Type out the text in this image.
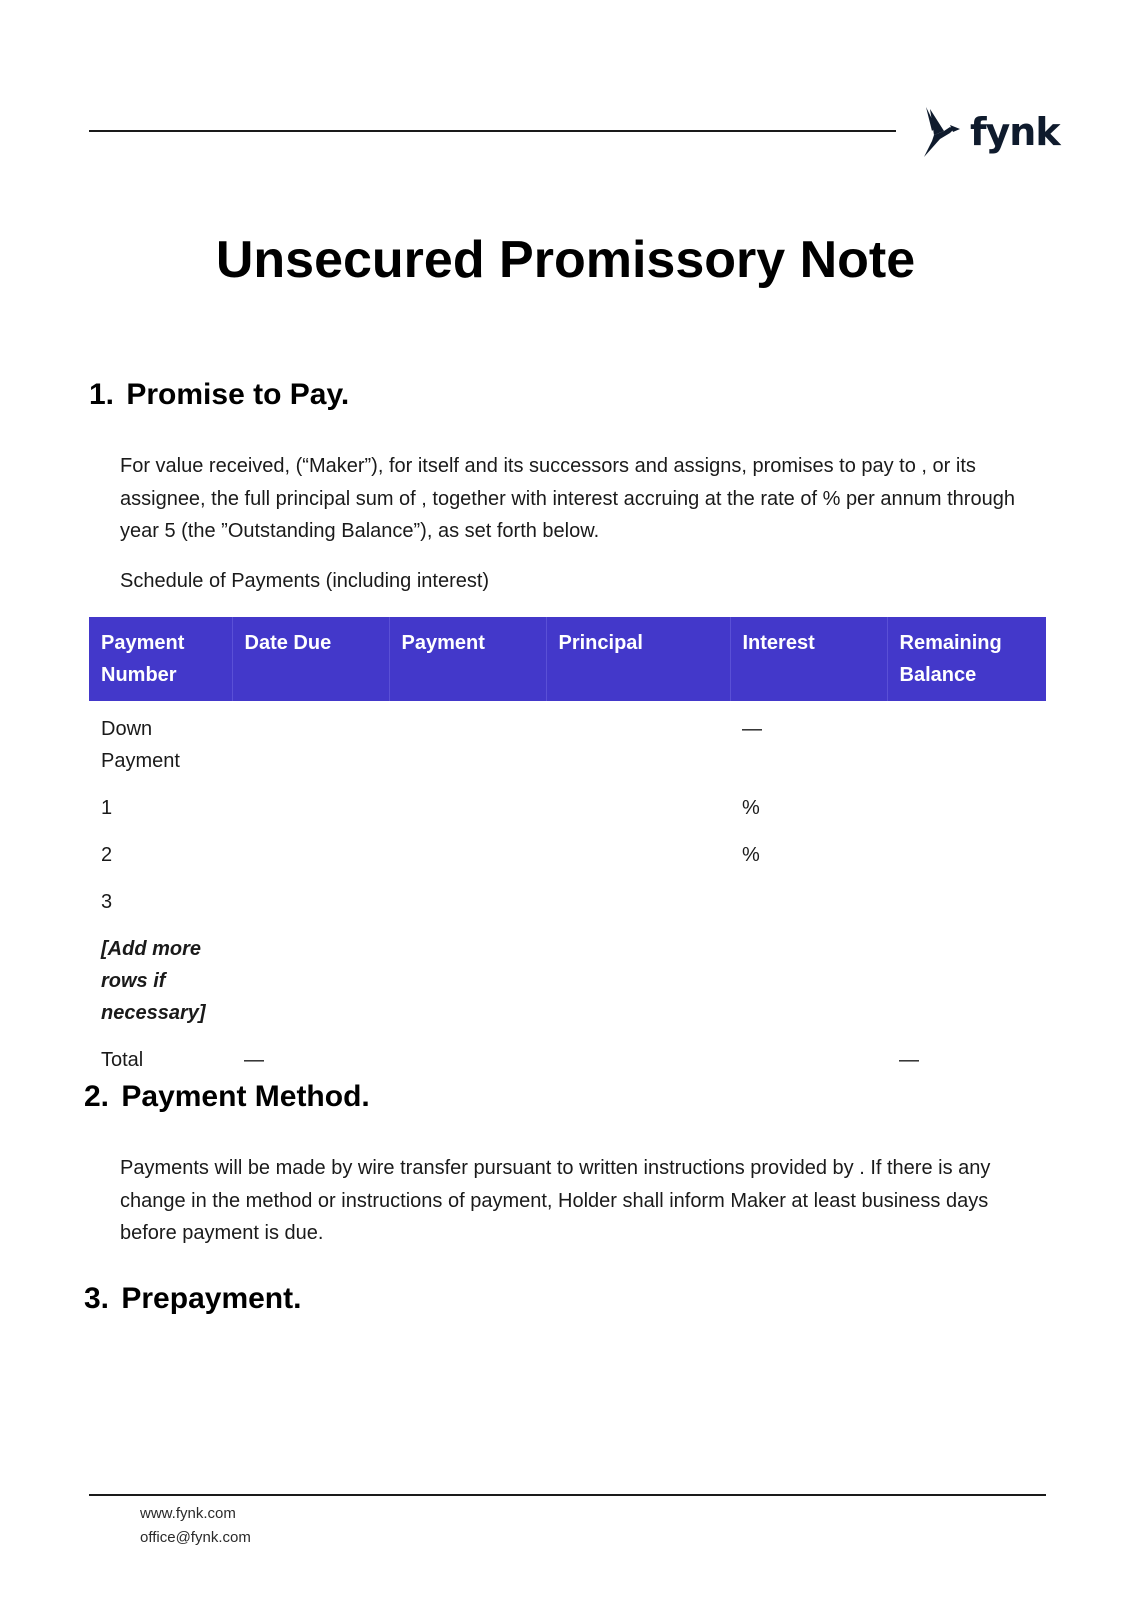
fynk
Unsecured Promissory Note
1. Promise to Pay.

For value received, (“Maker”), for itself and its successors and assigns, promises to pay to , or its assignee, the full principal sum of , together with interest accruing at the rate of % per annum through year 5 (the ”Outstanding Balance”), as set forth below.

Schedule of Payments (including interest)

Payment Number	Date Due	Payment	Principal	Interest	Remaining Balance
Down Payment				—	
1				%	
2				%	
3					
[Add more rows if necessary]					
Total	—				—
2. Payment Method.

Payments will be made by wire transfer pursuant to written instructions provided by . If there is any change in the method or instructions of payment, Holder shall inform Maker at least business days before payment is due.

3. Prepayment.
www.fynk.com
office@fynk.com
